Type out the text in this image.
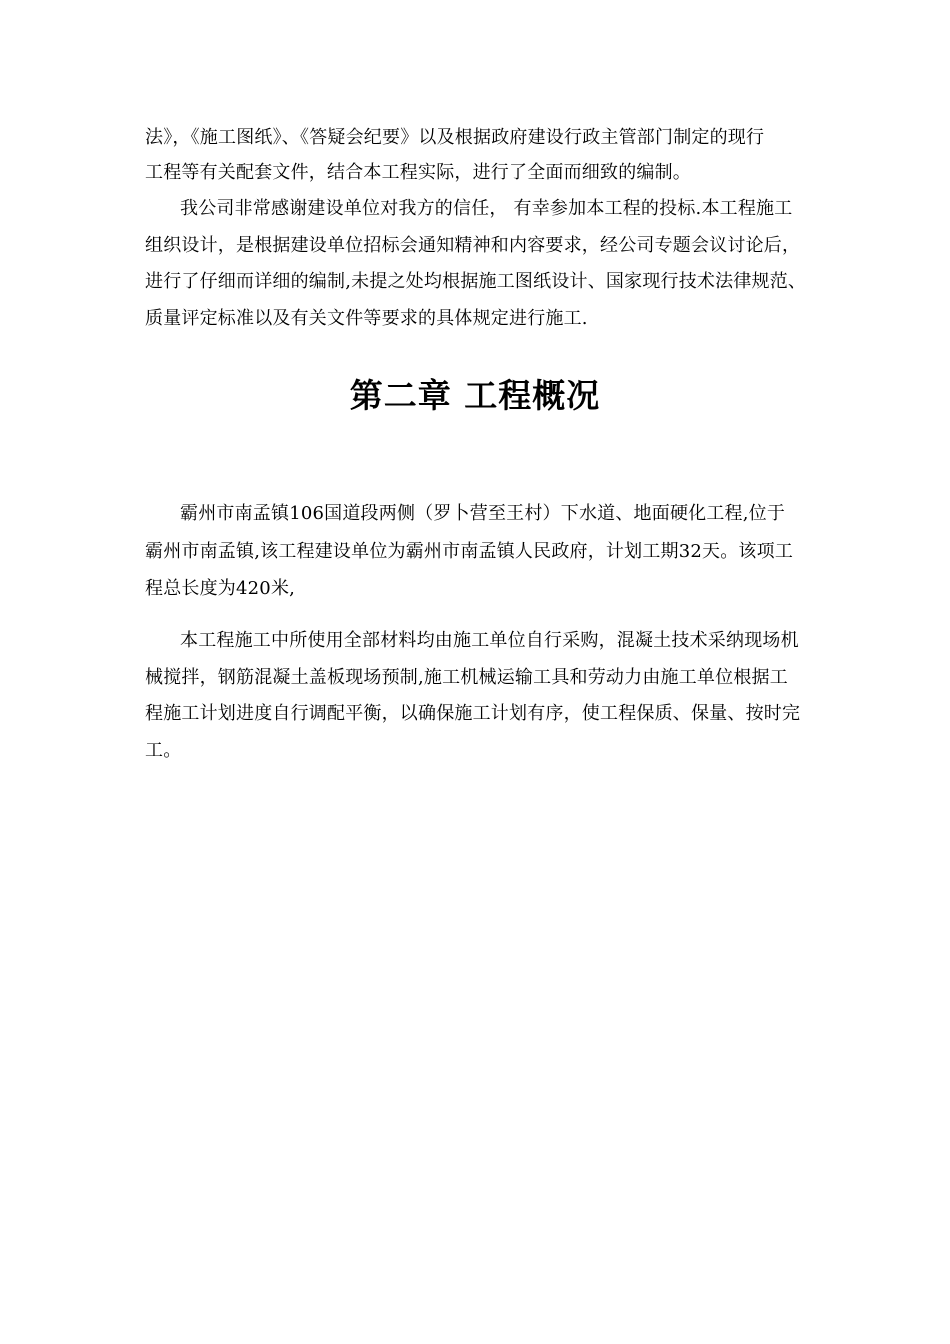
法》，《施工图纸》、《答疑会纪要》以及根据政府建设行政主管部门制定的现行
工程等有关配套文件，结合本工程实际，进行了全面而细致的编制。
我公司非常感谢建设单位对我方的信任， 有幸参加本工程的投标.本工程施工
组织设计，是根据建设单位招标会通知精神和内容要求，经公司专题会议讨论后，
进行了仔细而详细的编制,未提之处均根据施工图纸设计、国家现行技术法律规范、
质量评定标准以及有关文件等要求的具体规定进行施工.
第二章 工程概况
霸州市南孟镇106国道段两侧（罗卜营至王村）下水道、地面硬化工程,位于
霸州市南孟镇,该工程建设单位为霸州市南孟镇人民政府，计划工期32天。该项工
程总长度为420米,
本工程施工中所使用全部材料均由施工单位自行采购，混凝土技术采纳现场机
械搅拌，钢筋混凝土盖板现场预制,施工机械运输工具和劳动力由施工单位根据工
程施工计划进度自行调配平衡，以确保施工计划有序，使工程保质、保量、按时完
工。
